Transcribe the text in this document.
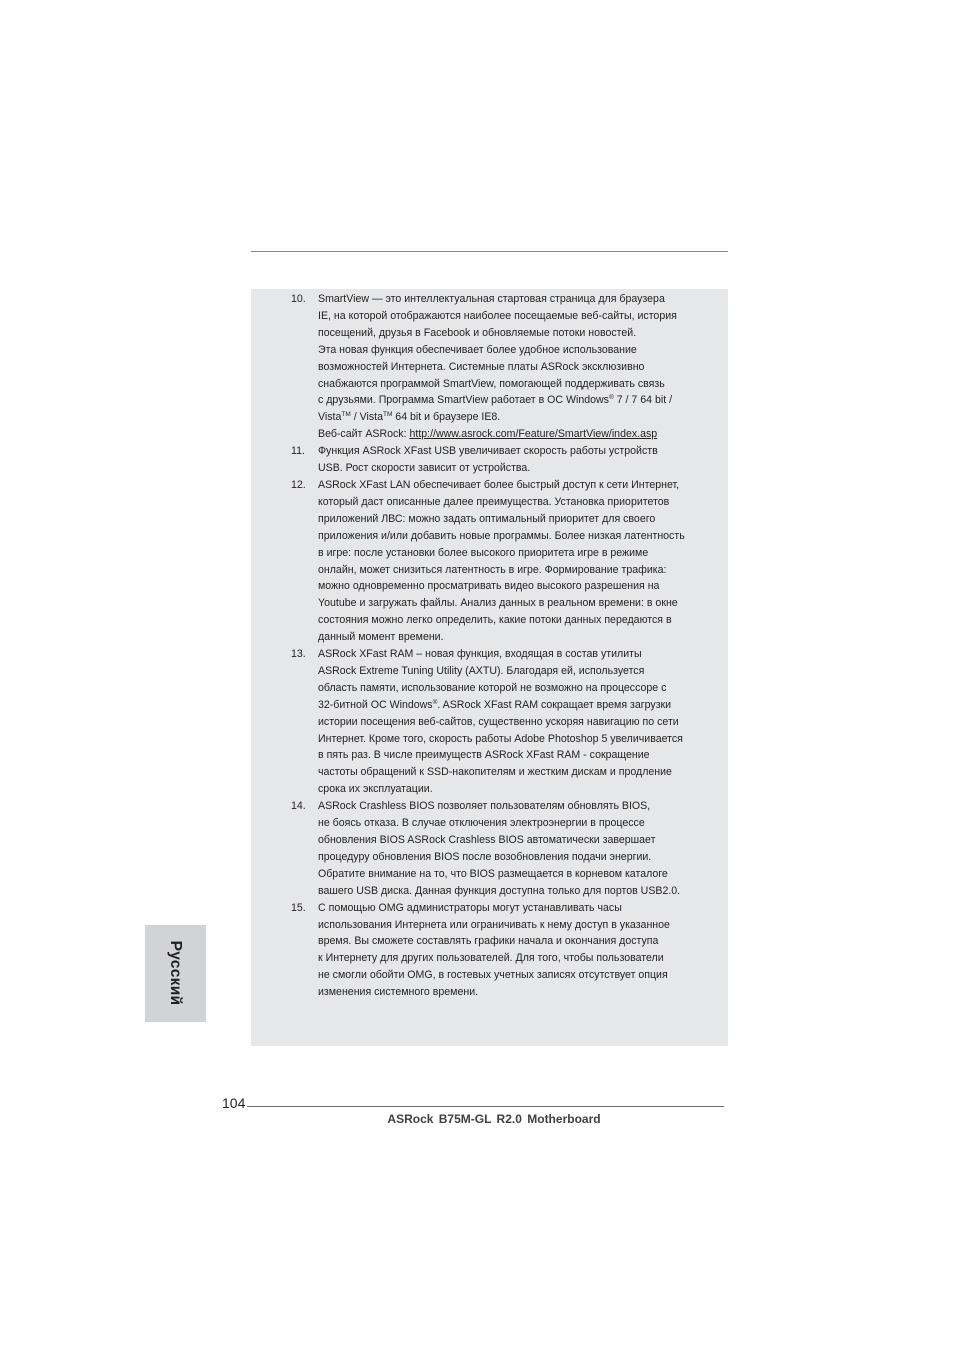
10.	SmartView — это интеллектуальная стартовая страница для браузера
IE, на которой отображаются наиболее посещаемые веб-сайты, история
посещений, друзья в Facebook и обновляемые потоки новостей.
Эта новая функция обеспечивает более удобное использование
возможностей Интернета. Системные платы ASRock эксклюзивно
снабжаются программой SmartView, помогающей поддерживать связь
с друзьями. Программа SmartView работает в ОС Windows® 7 / 7 64 bit /
Vista™ / Vista™ 64 bit и браузере IE8.
Веб-сайт ASRock: http://www.asrock.com/Feature/SmartView/index.asp
11.	Функция ASRock XFast USB увеличивает скорость работы устройств
USB. Рост скорости зависит от устройства.
12.	ASRock XFast LAN обеспечивает более быстрый доступ к сети Интернет,
который даст описанные далее преимущества. Установка приоритетов
приложений ЛВС: можно задать оптимальный приоритет для своего
приложения и/или добавить новые программы. Более низкая латентность
в игре: после установки более высокого приоритета игре в режиме
онлайн, может снизиться латентность в игре. Формирование трафика:
можно одновременно просматривать видео высокого разрешения на
Youtube и загружать файлы. Анализ данных в реальном времени: в окне
состояния можно легко определить, какие потоки данных передаются в
данный момент времени.
13.	ASRock XFast RAM – новая функция, входящая в состав утилиты
ASRock Extreme Tuning Utility (AXTU). Благодаря ей, используется
область памяти, использование которой не возможно на процессоре с
32-битной ОС Windows®. ASRock XFast RAM сокращает время загрузки
истории посещения веб-сайтов, существенно ускоряя навигацию по сети
Интернет. Кроме того, скорость работы Adobe Photoshop 5 увеличивается
в пять раз. В числе преимуществ ASRock XFast RAM - сокращение
частоты обращений к SSD-накопителям и жестким дискам и продление
срока их эксплуатации.
14.	ASRock Crashless BIOS позволяет пользователям обновлять BIOS,
не боясь отказа. В случае отключения электроэнергии в процессе
обновления BIOS ASRock Crashless BIOS автоматически завершает
процедуру обновления BIOS после возобновления подачи энергии.
Обратите внимание на то, что BIOS размещается в корневом каталоге
вашего USB диска. Данная функция доступна только для портов USB2.0.
15.	С помощью OMG администраторы могут устанавливать часы
использования Интернета или ограничивать к нему доступ в указанное
время. Вы сможете составлять графики начала и окончания доступа
к Интернету для других пользователей. Для того, чтобы пользователи
не смогли обойти OMG, в гостевых учетных записях отсутствует опция
изменения системного времени.
Русский
104
ASRock B75M-GL R2.0 Motherboard
